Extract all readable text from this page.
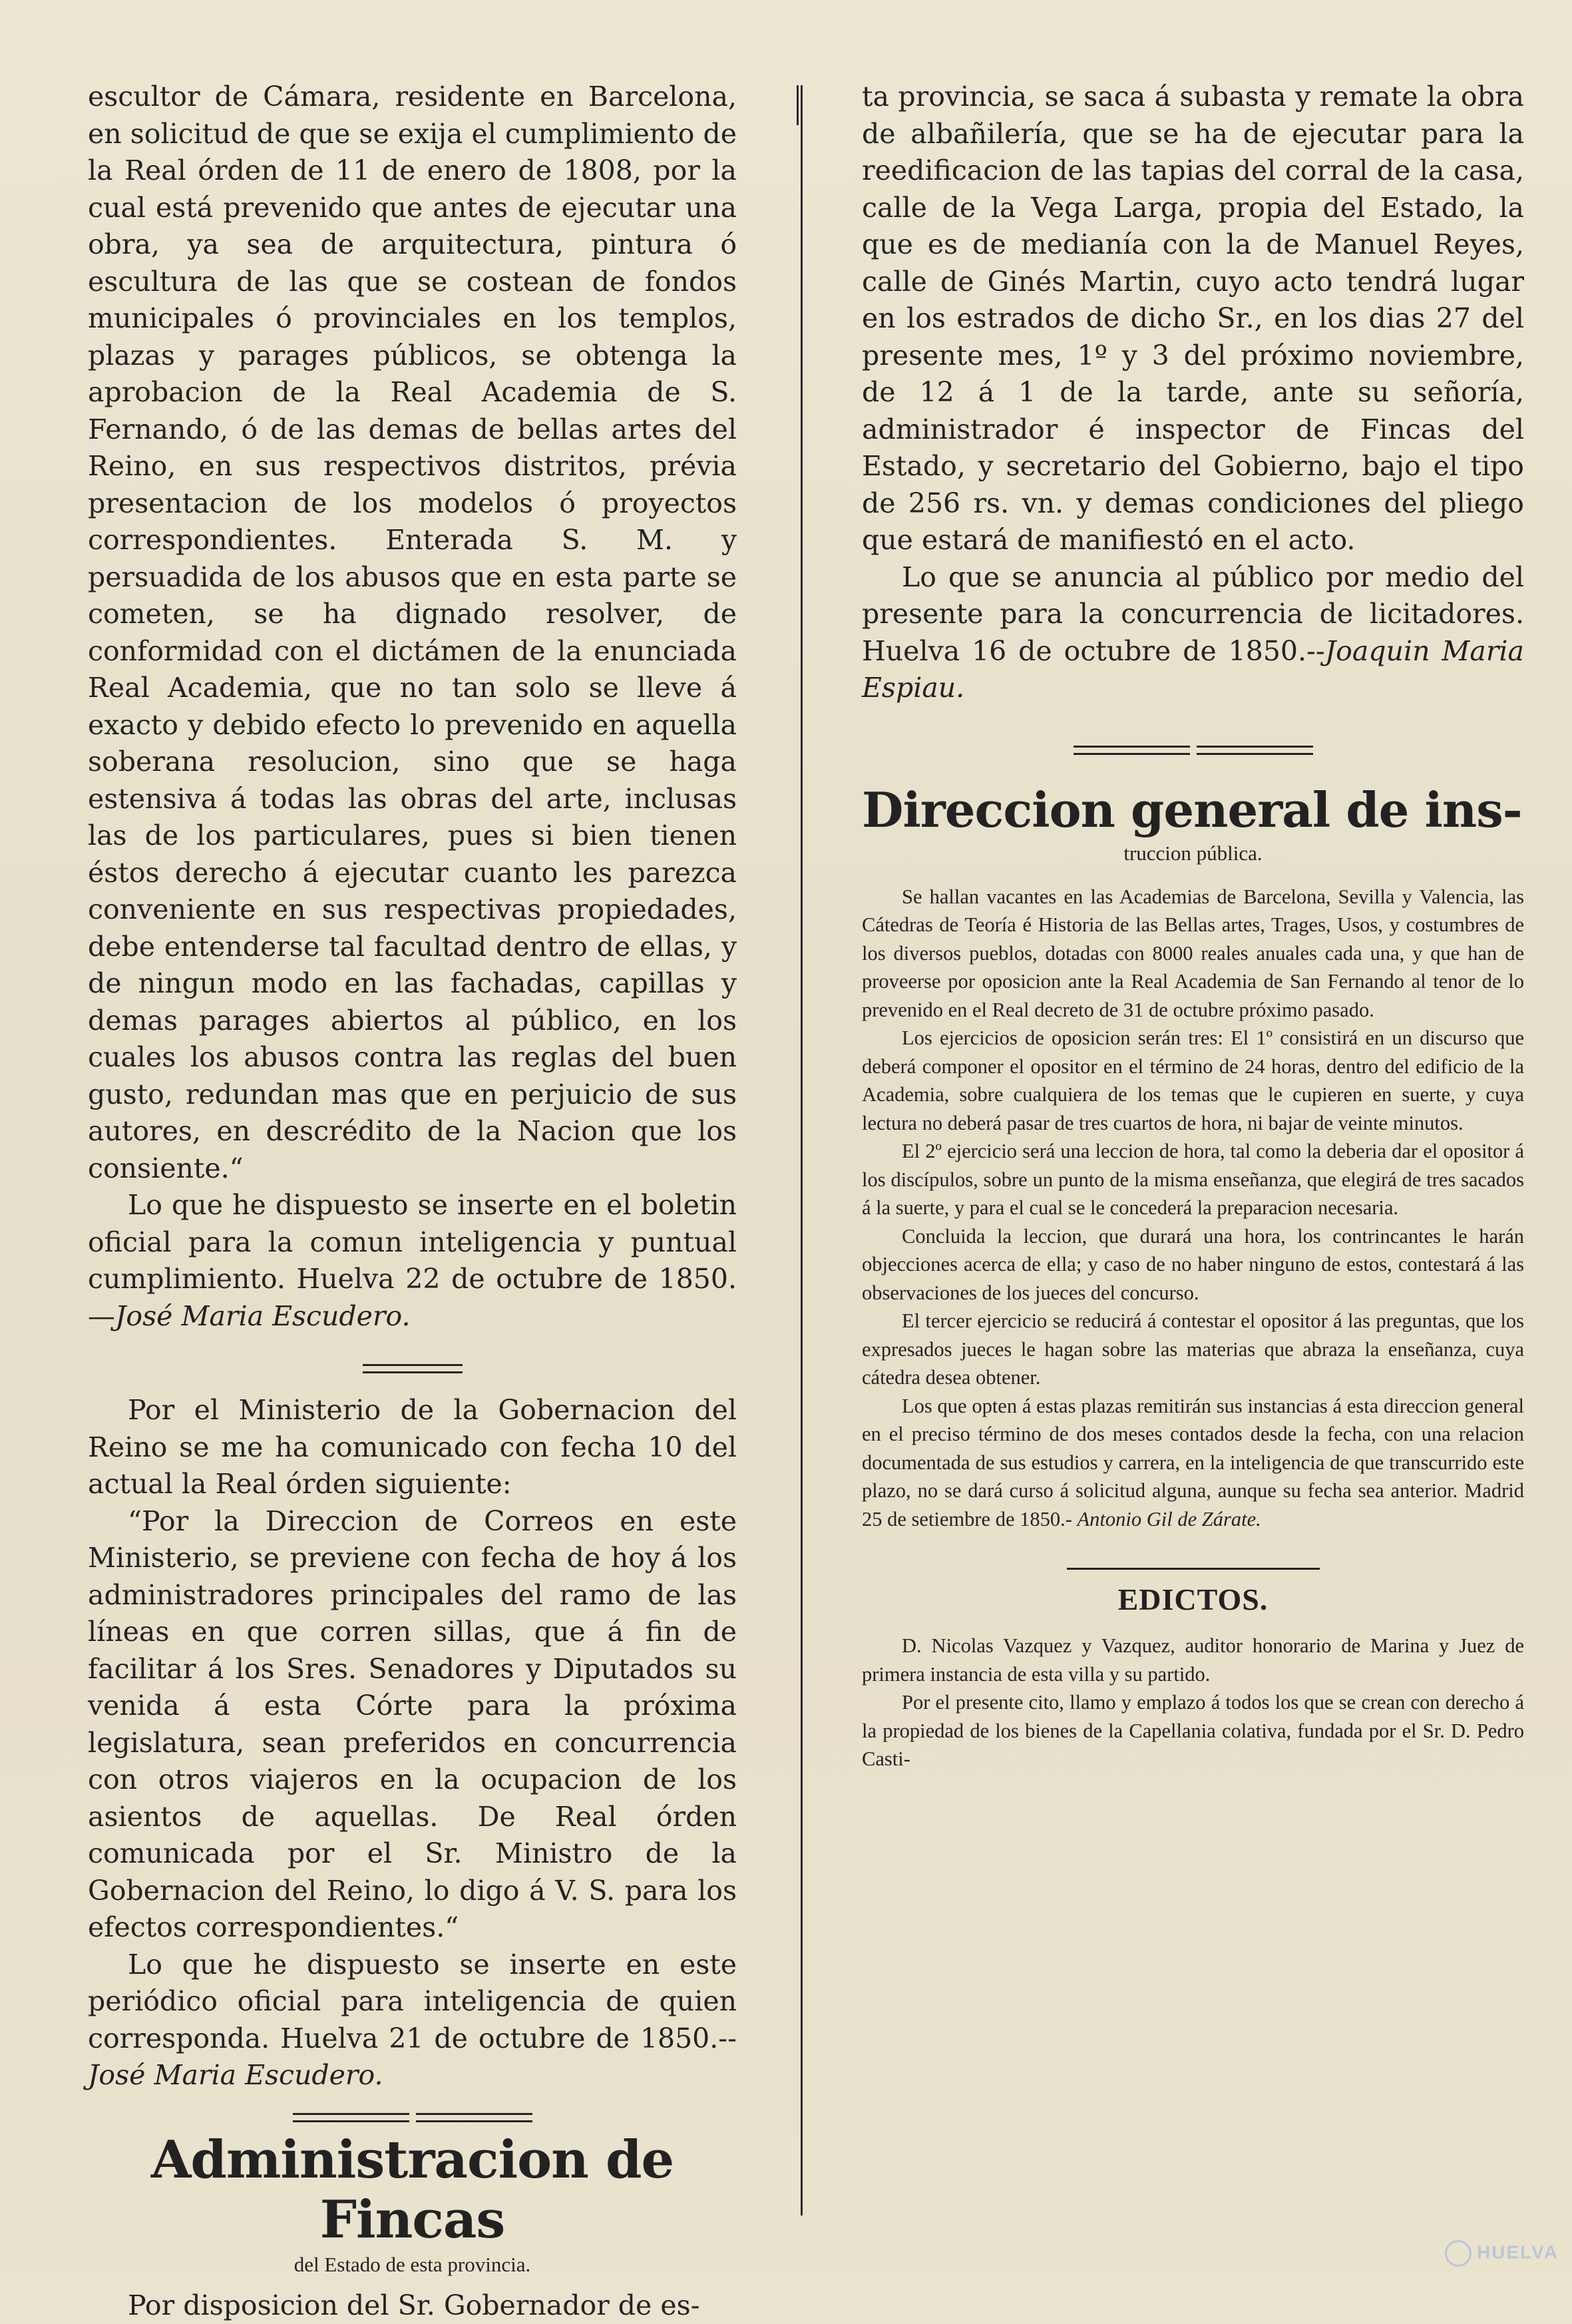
escultor de Cámara, residente en Barcelona, en solicitud de que se exija el cumplimiento de la Real órden de 11 de enero de 1808, por la cual está prevenido que antes de ejecutar una obra, ya sea de arquitectura, pintura ó escultura de las que se costean de fondos municipales ó provinciales en los templos, plazas y parages públicos, se obtenga la aprobacion de la Real Academia de S. Fernando, ó de las demas de bellas artes del Reino, en sus respectivos distritos, prévia presentacion de los modelos ó proyectos correspondientes. Enterada S. M. y persuadida de los abusos que en esta parte se cometen, se ha dignado resolver, de conformidad con el dictámen de la enunciada Real Academia, que no tan solo se lleve á exacto y debido efecto lo prevenido en aquella soberana resolucion, sino que se haga estensiva á todas las obras del arte, inclusas las de los particulares, pues si bien tienen éstos derecho á ejecutar cuanto les parezca conveniente en sus respectivas propiedades, debe entenderse tal facultad dentro de ellas, y de ningun modo en las fachadas, capillas y demas parages abiertos al público, en los cuales los abusos contra las reglas del buen gusto, redundan mas que en perjuicio de sus autores, en descrédito de la Nacion que los consiente.“

Lo que he dispuesto se inserte en el boletin oficial para la comun inteligencia y puntual cumplimiento. Huelva 22 de octubre de 1850.—José Maria Escudero.

Por el Ministerio de la Gobernacion del Reino se me ha comunicado con fecha 10 del actual la Real órden siguiente:

“Por la Direccion de Correos en este Ministerio, se previene con fecha de hoy á los administradores principales del ramo de las líneas en que corren sillas, que á fin de facilitar á los Sres. Senadores y Diputados su venida á esta Córte para la próxima legislatura, sean preferidos en concurrencia con otros viajeros en la ocupacion de los asientos de aquellas. De Real órden comunicada por el Sr. Ministro de la Gobernacion del Reino, lo digo á V. S. para los efectos correspondientes.“

Lo que he dispuesto se inserte en este periódico oficial para inteligencia de quien corresponda. Huelva 21 de octubre de 1850.--José Maria Escudero.

Administracion de Fincas

del Estado de esta provincia.

Por disposicion del Sr. Gobernador de es-

ta provincia, se saca á subasta y remate la obra de albañilería, que se ha de ejecutar para la reedificacion de las tapias del corral de la casa, calle de la Vega Larga, propia del Estado, la que es de medianía con la de Manuel Reyes, calle de Ginés Martin, cuyo acto tendrá lugar en los estrados de dicho Sr., en los dias 27 del presente mes, 1º y 3 del próximo noviembre, de 12 á 1 de la tarde, ante su señoría, administrador é inspector de Fincas del Estado, y secretario del Gobierno, bajo el tipo de 256 rs. vn. y demas condiciones del pliego que estará de manifiestó en el acto.

Lo que se anuncia al público por medio del presente para la concurrencia de licitadores. Huelva 16 de octubre de 1850.--Joaquin Maria Espiau.

Direccion general de ins-

truccion pública.

Se hallan vacantes en las Academias de Barcelona, Sevilla y Valencia, las Cátedras de Teoría é Historia de las Bellas artes, Trages, Usos, y costumbres de los diversos pueblos, dotadas con 8000 reales anuales cada una, y que han de proveerse por oposicion ante la Real Academia de San Fernando al tenor de lo prevenido en el Real decreto de 31 de octubre próximo pasado.

Los ejercicios de oposicion serán tres: El 1º consistirá en un discurso que deberá componer el opositor en el término de 24 horas, dentro del edificio de la Academia, sobre cualquiera de los temas que le cupieren en suerte, y cuya lectura no deberá pasar de tres cuartos de hora, ni bajar de veinte minutos.

El 2º ejercicio será una leccion de hora, tal como la deberia dar el opositor á los discípulos, sobre un punto de la misma enseñanza, que elegirá de tres sacados á la suerte, y para el cual se le concederá la preparacion necesaria.

Concluida la leccion, que durará una hora, los contrincantes le harán objecciones acerca de ella; y caso de no haber ninguno de estos, contestará á las observaciones de los jueces del concurso.

El tercer ejercicio se reducirá á contestar el opositor á las preguntas, que los expresados jueces le hagan sobre las materias que abraza la enseñanza, cuya cátedra desea obtener.

Los que opten á estas plazas remitirán sus instancias á esta direccion general en el preciso término de dos meses contados desde la fecha, con una relacion documentada de sus estudios y carrera, en la inteligencia de que transcurrido este plazo, no se dará curso á solicitud alguna, aunque su fecha sea anterior. Madrid 25 de setiembre de 1850.- Antonio Gil de Zárate.

EDICTOS.

D. Nicolas Vazquez y Vazquez, auditor honorario de Marina y Juez de primera instancia de esta villa y su partido.

Por el presente cito, llamo y emplazo á todos los que se crean con derecho á la propiedad de los bienes de la Capellania colativa, fundada por el Sr. D. Pedro Casti-

HUELVA
